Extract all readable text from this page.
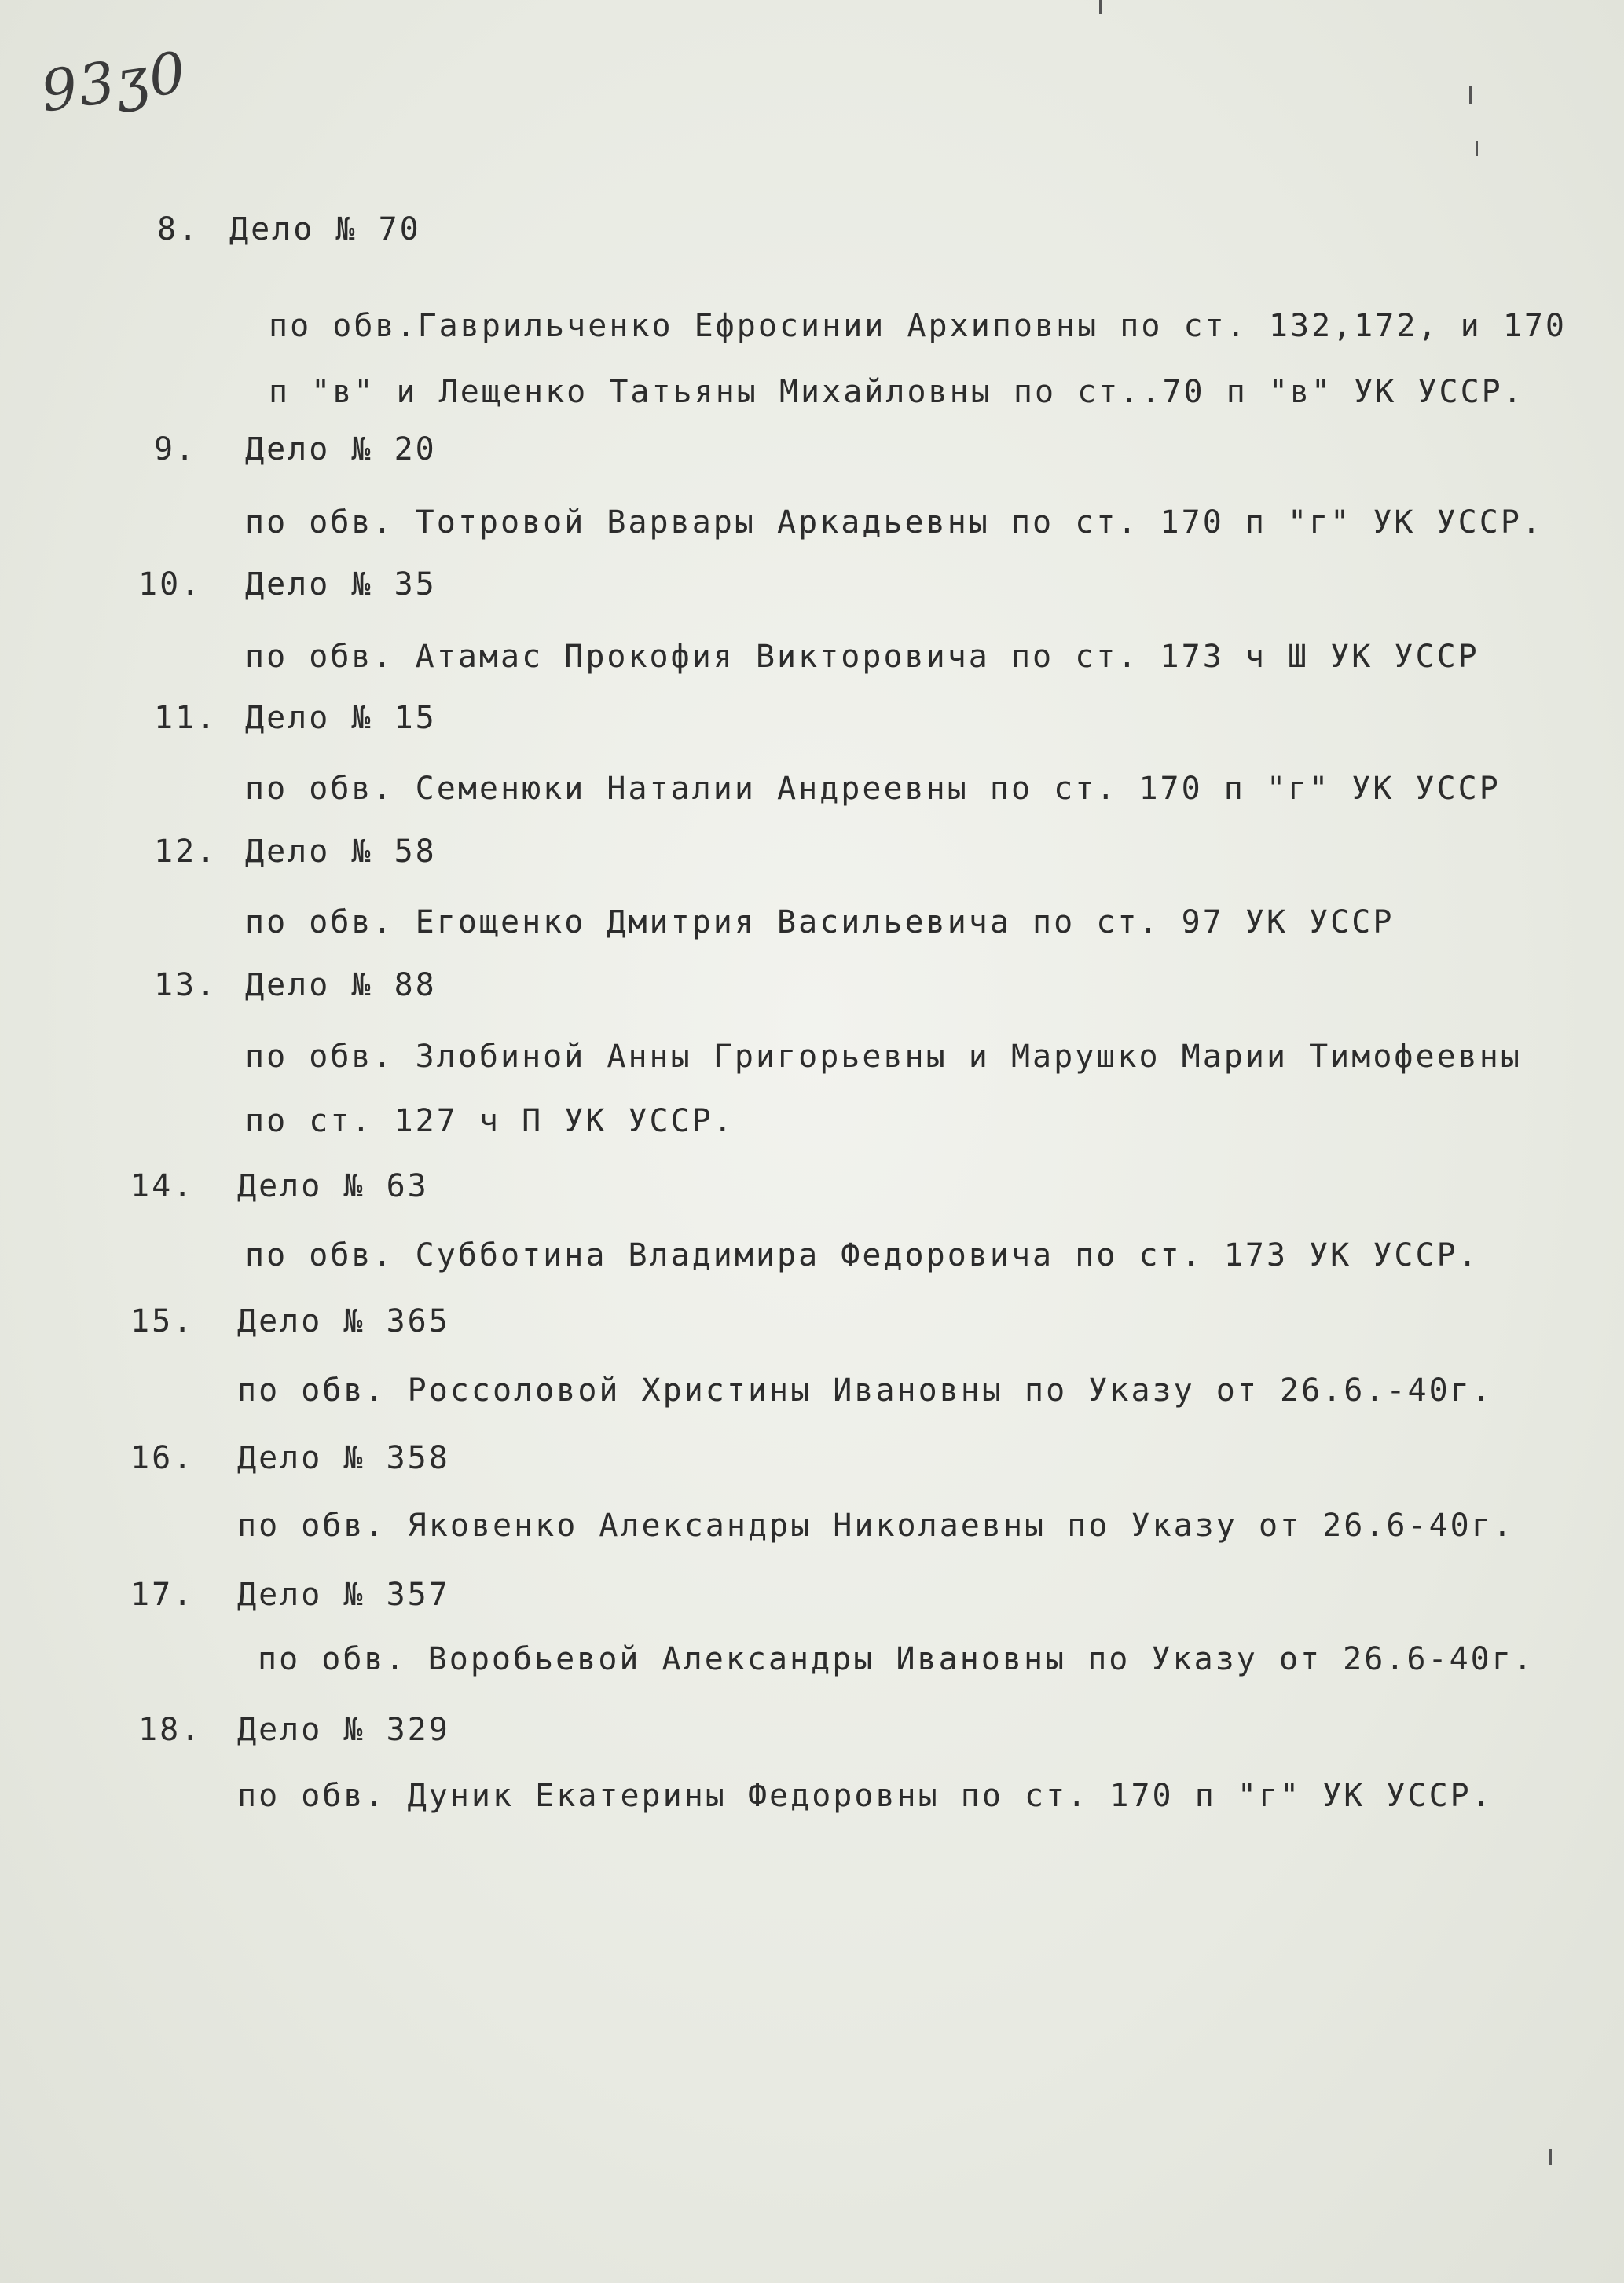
93ʒ0
8. Дело № 70
по обв.Гаврильченко Ефросинии Архиповны по ст. 132,172, и 170
п "в" и Лещенко Татьяны Михайловны по ст..70 п "в" УК УССР.
9. Дело № 20
по обв. Тотровой Варвары Аркадьевны по ст. 170 п "г" УК УССР.
10. Дело № 35
по обв. Атамас Прокофия Викторовича по ст. 173 ч Ш УК УССР
11. Дело № 15
по обв. Семенюки Наталии Андреевны по ст. 170 п "г" УК УССР
12. Дело № 58
по обв. Егощенко Дмитрия Васильевича по ст. 97 УК УССР
13. Дело № 88
по обв. Злобиной Анны Григорьевны и Марушко Марии Тимофеевны
по ст. 127 ч П УК УССР.
14. Дело № 63
по обв. Субботина Владимира Федоровича по ст. 173 УК УССР.
15. Дело № 365
по обв. Россоловой Христины Ивановны по Указу от 26.6.-40г.
16. Дело № 358
по обв. Яковенко Александры Николаевны по Указу от 26.6-40г.
17. Дело № 357
по обв. Воробьевой Александры Ивановны по Указу от 26.6-40г.
18. Дело № 329
по обв. Дуник Екатерины Федоровны по ст. 170 п "г" УК УССР.
